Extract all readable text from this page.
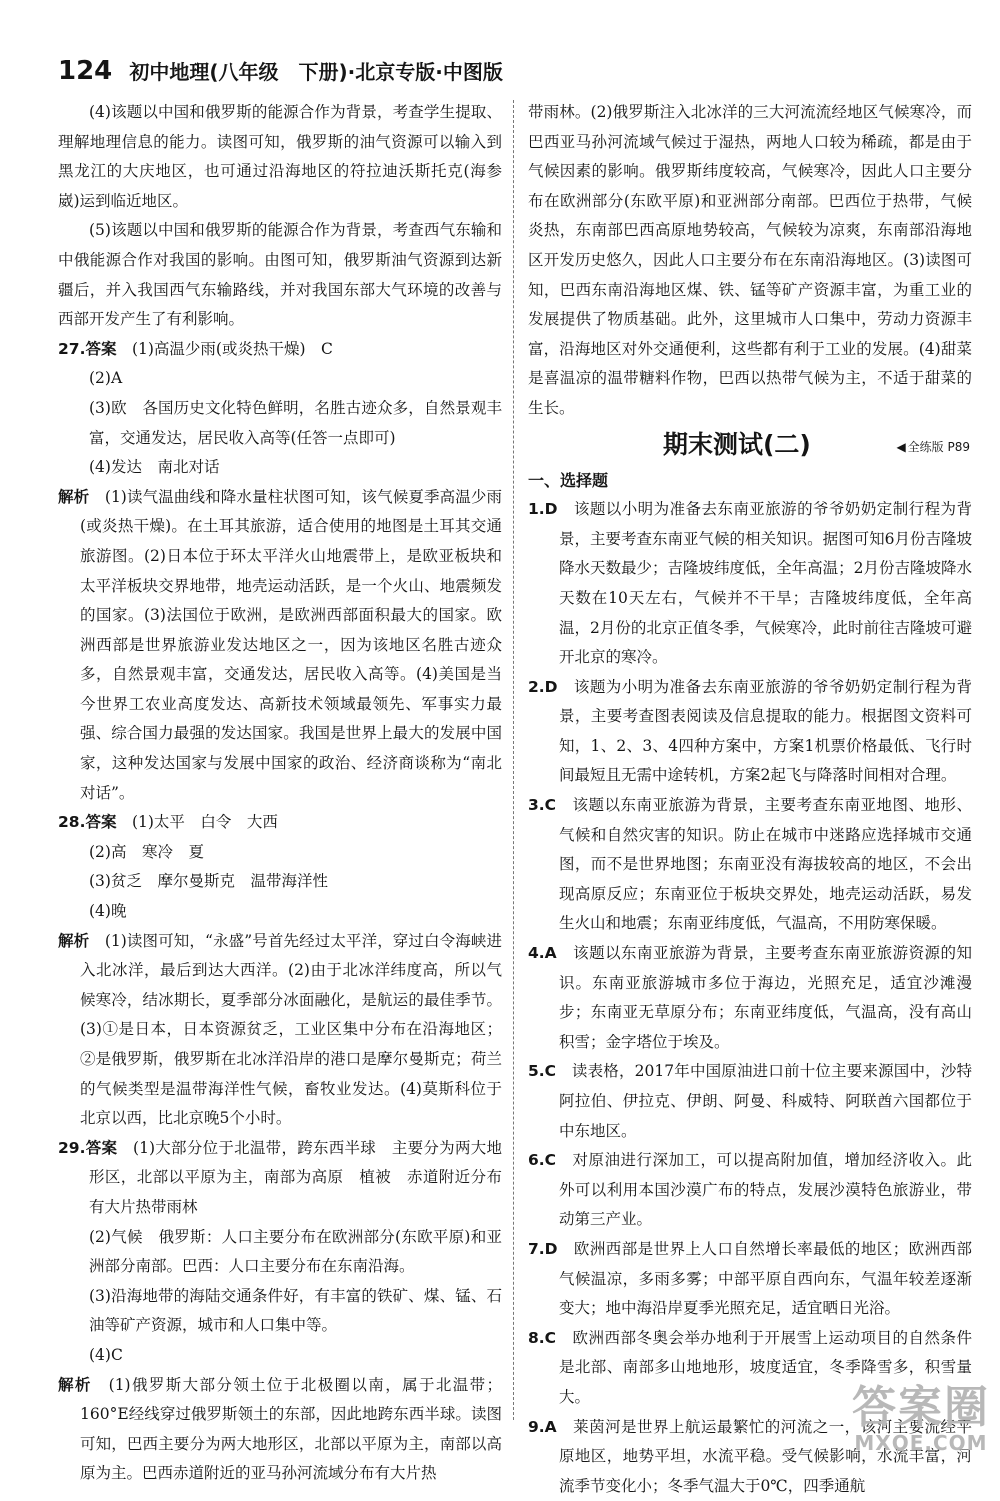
124 初中地理(八年级　下册)·北京专版·中图版

(4)该题以中国和俄罗斯的能源合作为背景，考查学生提取、理解地理信息的能力。读图可知，俄罗斯的油气资源可以输入到黑龙江的大庆地区，也可通过沿海地区的符拉迪沃斯托克(海参崴)运到临近地区。

(5)该题以中国和俄罗斯的能源合作为背景，考查西气东输和中俄能源合作对我国的影响。由图可知，俄罗斯油气资源到达新疆后，并入我国西气东输路线，并对我国东部大气环境的改善与西部开发产生了有利影响。

27.答案　(1)高温少雨(或炎热干燥)　C

(2)A

(3)欧　各国历史文化特色鲜明，名胜古迹众多，自然景观丰富，交通发达，居民收入高等(任答一点即可)

(4)发达　南北对话

解析　(1)读气温曲线和降水量柱状图可知，该气候夏季高温少雨(或炎热干燥)。在土耳其旅游，适合使用的地图是土耳其交通旅游图。(2)日本位于环太平洋火山地震带上，是欧亚板块和太平洋板块交界地带，地壳运动活跃，是一个火山、地震频发的国家。(3)法国位于欧洲，是欧洲西部面积最大的国家。欧洲西部是世界旅游业发达地区之一，因为该地区名胜古迹众多，自然景观丰富，交通发达，居民收入高等。(4)美国是当今世界工农业高度发达、高新技术领域最领先、军事实力最强、综合国力最强的发达国家。我国是世界上最大的发展中国家，这种发达国家与发展中国家的政治、经济商谈称为“南北对话”。

28.答案　(1)太平　白令　大西

(2)高　寒冷　夏

(3)贫乏　摩尔曼斯克　温带海洋性

(4)晚

解析　(1)读图可知，“永盛”号首先经过太平洋，穿过白令海峡进入北冰洋，最后到达大西洋。(2)由于北冰洋纬度高，所以气候寒冷，结冰期长，夏季部分冰面融化，是航运的最佳季节。(3)①是日本，日本资源贫乏，工业区集中分布在沿海地区；②是俄罗斯，俄罗斯在北冰洋沿岸的港口是摩尔曼斯克；荷兰的气候类型是温带海洋性气候，畜牧业发达。(4)莫斯科位于北京以西，比北京晚5个小时。

29.答案　(1)大部分位于北温带，跨东西半球　主要分为两大地形区，北部以平原为主，南部为高原　植被　赤道附近分布有大片热带雨林

(2)气候　俄罗斯：人口主要分布在欧洲部分(东欧平原)和亚洲部分南部。巴西：人口主要分布在东南沿海。

(3)沿海地带的海陆交通条件好，有丰富的铁矿、煤、锰、石油等矿产资源，城市和人口集中等。

(4)C

解析　(1)俄罗斯大部分领土位于北极圈以南，属于北温带；160°E经线穿过俄罗斯领土的东部，因此地跨东西半球。读图可知，巴西主要分为两大地形区，北部以平原为主，南部以高原为主。巴西赤道附近的亚马孙河流域分布有大片热

带雨林。(2)俄罗斯注入北冰洋的三大河流流经地区气候寒冷，而巴西亚马孙河流域气候过于湿热，两地人口较为稀疏，都是由于气候因素的影响。俄罗斯纬度较高，气候寒冷，因此人口主要分布在欧洲部分(东欧平原)和亚洲部分南部。巴西位于热带，气候炎热，东南部巴西高原地势较高，气候较为凉爽，东南部沿海地区开发历史悠久，因此人口主要分布在东南沿海地区。(3)读图可知，巴西东南沿海地区煤、铁、锰等矿产资源丰富，为重工业的发展提供了物质基础。此外，这里城市人口集中，劳动力资源丰富，沿海地区对外交通便利，这些都有利于工业的发展。(4)甜菜是喜温凉的温带糖料作物，巴西以热带气候为主，不适于甜菜的生长。

期末测试(二)	◀ 全练版 P89

一、选择题

1.D　该题以小明为准备去东南亚旅游的爷爷奶奶定制行程为背景，主要考查东南亚气候的相关知识。据图可知6月份吉隆坡降水天数最少；吉隆坡纬度低，全年高温；2月份吉隆坡降水天数在10天左右，气候并不干旱；吉隆坡纬度低，全年高温，2月份的北京正值冬季，气候寒冷，此时前往吉隆坡可避开北京的寒冷。

2.D　该题为小明为准备去东南亚旅游的爷爷奶奶定制行程为背景，主要考查图表阅读及信息提取的能力。根据图文资料可知，1、2、3、4四种方案中，方案1机票价格最低、飞行时间最短且无需中途转机，方案2起飞与降落时间相对合理。

3.C　该题以东南亚旅游为背景，主要考查东南亚地图、地形、气候和自然灾害的知识。防止在城市中迷路应选择城市交通图，而不是世界地图；东南亚没有海拔较高的地区，不会出现高原反应；东南亚位于板块交界处，地壳运动活跃，易发生火山和地震；东南亚纬度低，气温高，不用防寒保暖。

4.A　该题以东南亚旅游为背景，主要考查东南亚旅游资源的知识。东南亚旅游城市多位于海边，光照充足，适宜沙滩漫步；东南亚无草原分布；东南亚纬度低，气温高，没有高山积雪；金字塔位于埃及。

5.C　读表格，2017年中国原油进口前十位主要来源国中，沙特阿拉伯、伊拉克、伊朗、阿曼、科威特、阿联酋六国都位于中东地区。

6.C　对原油进行深加工，可以提高附加值，增加经济收入。此外可以利用本国沙漠广布的特点，发展沙漠特色旅游业，带动第三产业。

7.D　欧洲西部是世界上人口自然增长率最低的地区；欧洲西部气候温凉，多雨多雾；中部平原自西向东，气温年较差逐渐变大；地中海沿岸夏季光照充足，适宜晒日光浴。

8.C　欧洲西部冬奥会举办地利于开展雪上运动项目的自然条件是北部、南部多山地地形，坡度适宜，冬季降雪多，积雪量大。

9.A　莱茵河是世界上航运最繁忙的河流之一，该河主要流经平原地区，地势平坦，水流平稳。受气候影响，水流丰富，河流季节变化小；冬季气温大于0℃，四季通航

答案圈
MXQE.COM
